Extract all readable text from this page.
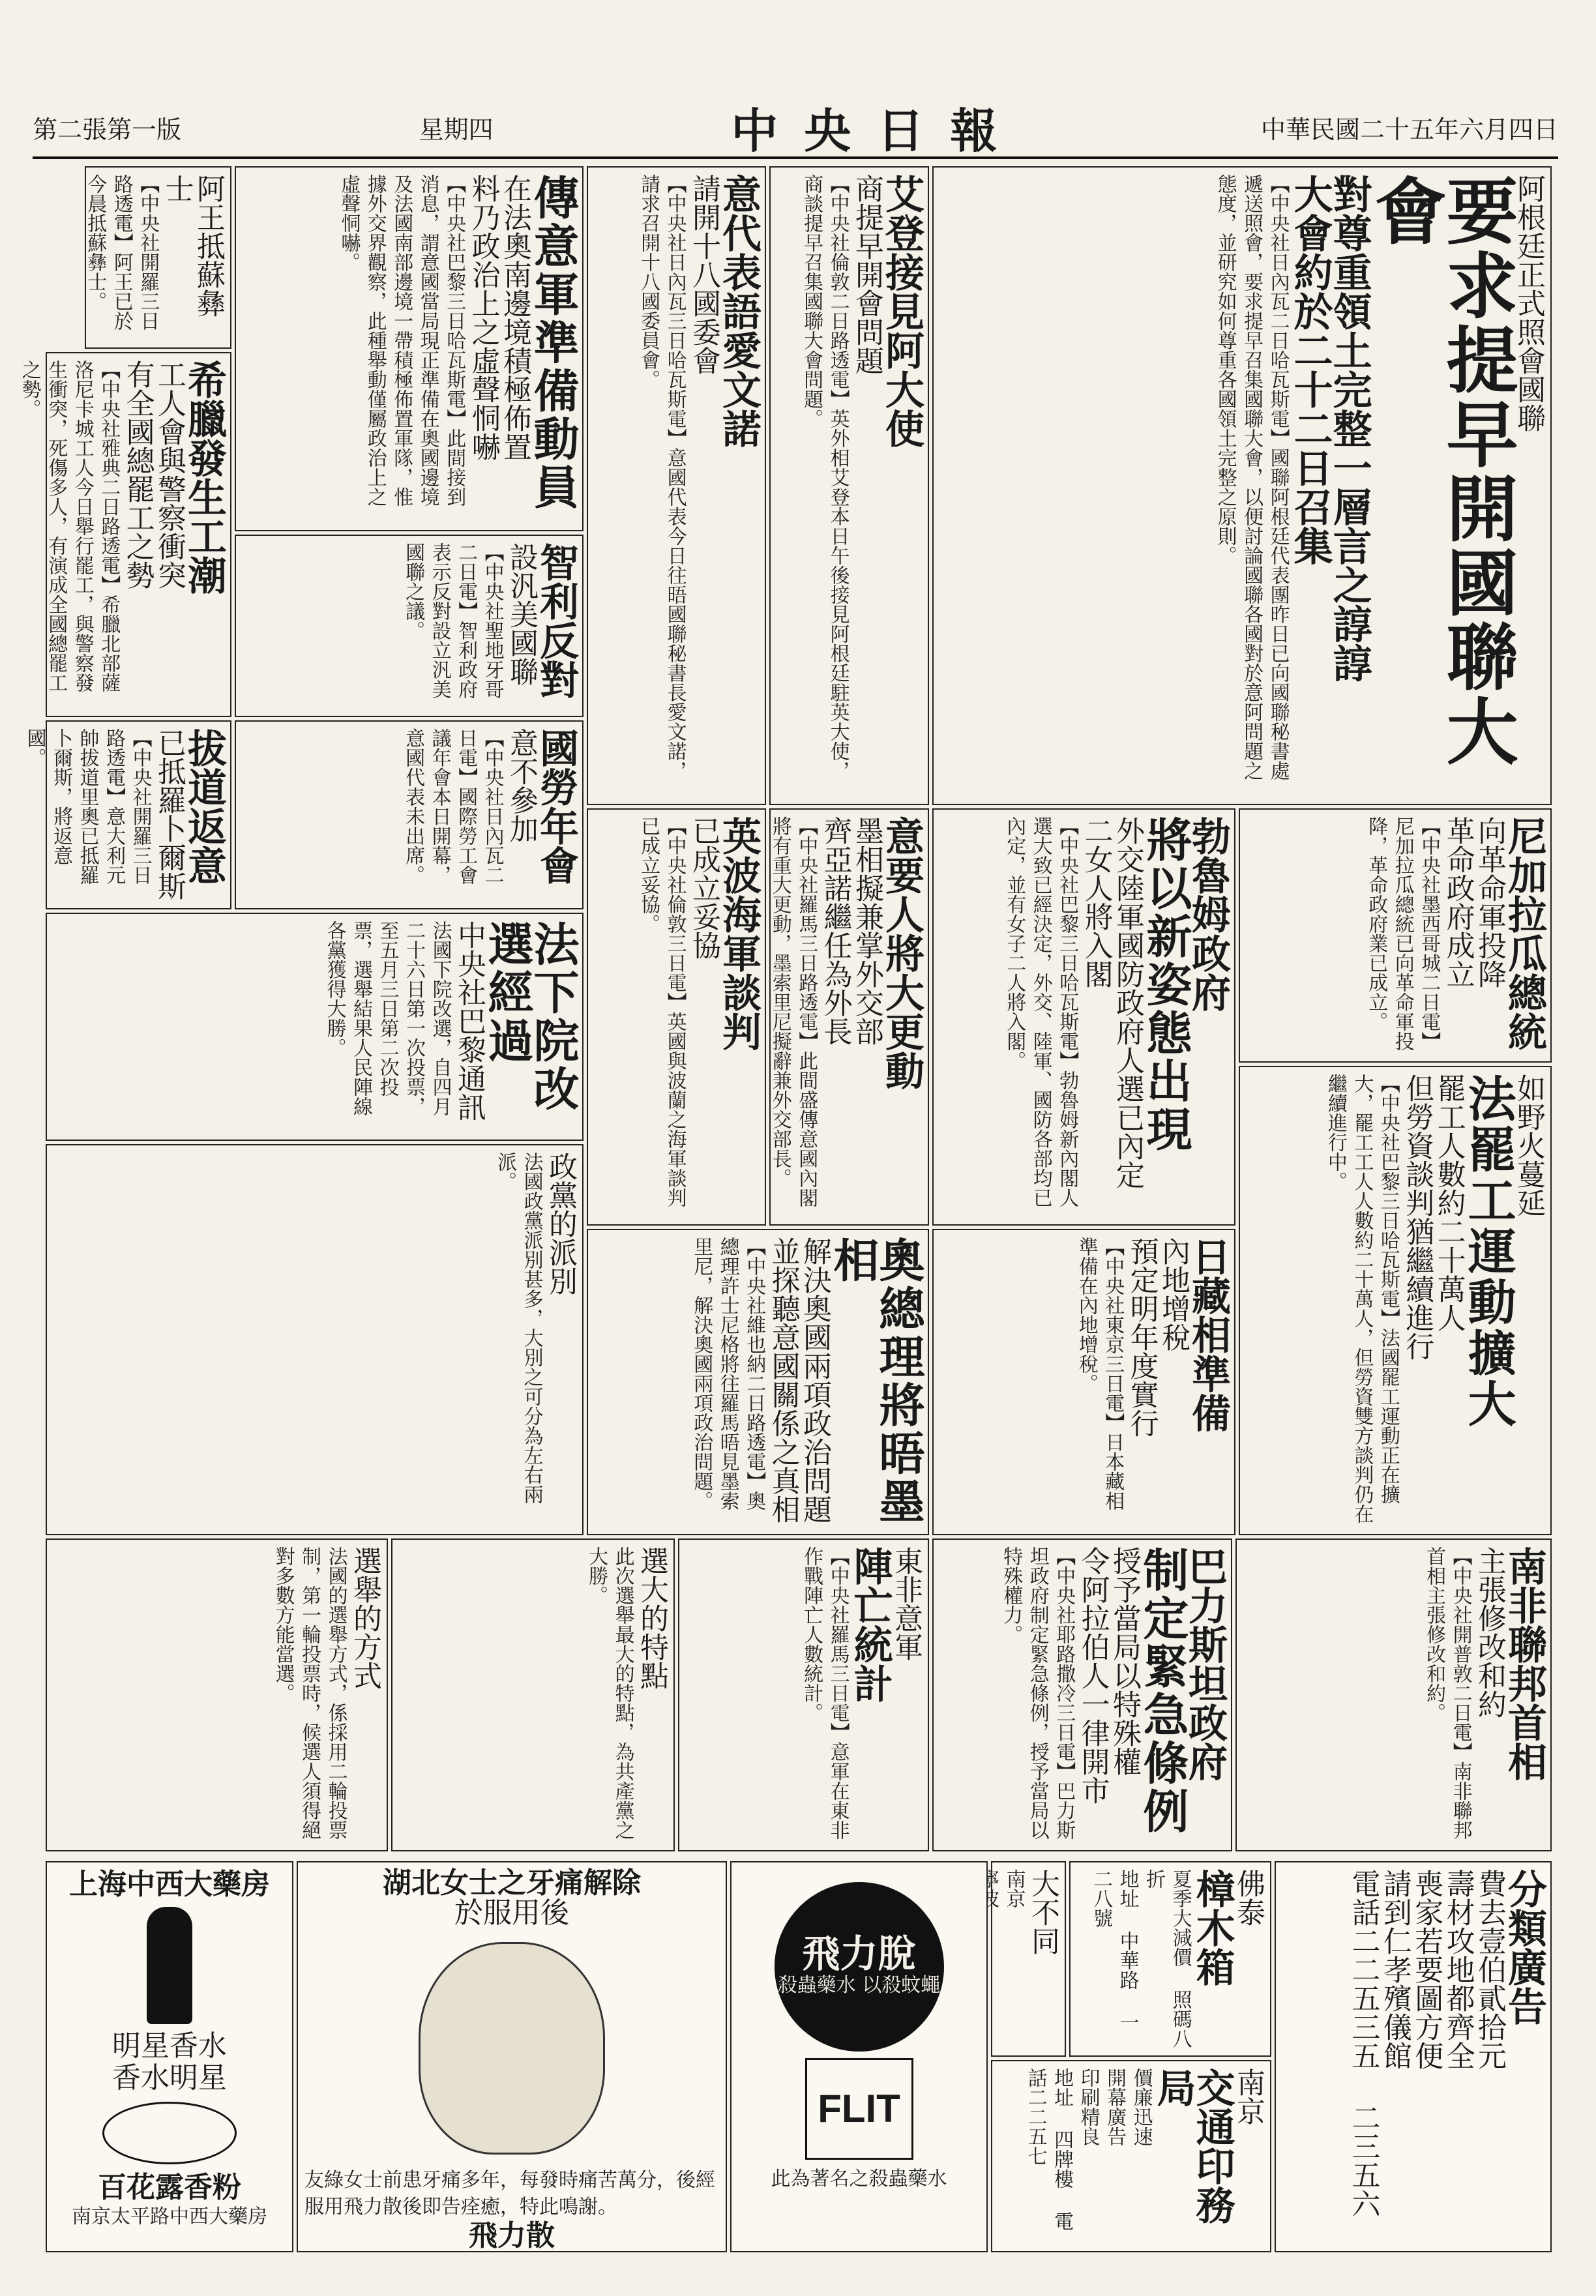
第二張第一版	星期四	中央日報	中華民國二十五年六月四日
阿根廷正式照會國聯
要求提早開國聯大會
對尊重領土完整一層言之諄諄
大會約於二十二日召集
【中央社日內瓦二日哈瓦斯電】國聯阿根廷代表團昨日已向國聯秘書處遞送照會，要求提早召集國聯大會，以便討論國聯各國對於意阿問題之態度，並研究如何尊重各國領土完整之原則。
艾登接見阿大使
商提早開會問題
【中央社倫敦二日路透電】英外相艾登本日午後接見阿根廷駐英大使，商談提早召集國聯大會問題。
意代表語愛文諾
請開十八國委會
【中央社日內瓦三日哈瓦斯電】意國代表今日往晤國聯秘書長愛文諾，請求召開十八國委員會。
傳意軍準備動員
在法奧南邊境積極佈置
料乃政治上之虛聲恫嚇
【中央社巴黎三日哈瓦斯電】此間接到消息，謂意國當局現正準備在奧國邊境及法國南部邊境一帶積極佈置軍隊，惟據外交界觀察，此種舉動僅屬政治上之虛聲恫嚇。
阿王抵蘇彝士
【中央社開羅三日路透電】阿王已於今晨抵蘇彝士。
希臘發生工潮
工人會與警察衝突
有全國總罷工之勢
【中央社雅典二日路透電】希臘北部薩洛尼卡城工人今日舉行罷工，與警察發生衝突，死傷多人，有演成全國總罷工之勢。
智利反對
設汎美國聯
【中央社聖地牙哥二日電】智利政府表示反對設立汎美國聯之議。
拔道返意
已抵羅卜爾斯
【中央社開羅三日路透電】意大利元帥拔道里奧已抵羅卜爾斯，將返意國。	國勞年會
意不參加
【中央社日內瓦二日電】國際勞工會議年會本日開幕，意國代表未出席。
尼加拉瓜總統
向革命軍投降
革命政府成立
【中央社墨西哥城二日電】尼加拉瓜總統已向革命軍投降，革命政府業已成立。
勃魯姆政府
將以新姿態出現
外交陸軍國防政府人選已內定
二女人將入閣
【中央社巴黎三日哈瓦斯電】勃魯姆新內閣人選大致已經決定，外交、陸軍、國防各部均已內定，並有女子二人將入閣。
意要人將大更動
墨相擬兼掌外交部
齊亞諾繼任為外長
【中央社羅馬三日路透電】此間盛傳意國內閣將有重大更動，墨索里尼擬辭兼外交部長。
英波海軍談判
已成立妥協
【中央社倫敦三日電】英國與波蘭之海軍談判已成立妥協。
法下院改選經過
中央社巴黎通訊
法國下院改選，自四月二十六日第一次投票，至五月三日第二次投票，選舉結果人民陣線各黨獲得大勝。
如野火蔓延
法罷工運動擴大
罷工人數約二十萬人
但勞資談判猶繼續進行
【中央社巴黎三日哈瓦斯電】法國罷工運動正在擴大，罷工工人人數約二十萬人，但勞資雙方談判仍在繼續進行中。
日藏相準備
內地增稅
預定明年度實行
【中央社東京三日電】日本藏相準備在內地增稅。
奧總理將晤墨相
解決奧國兩項政治問題
並探聽意國關係之真相
【中央社維也納二日路透電】奧總理許士尼格將往羅馬晤見墨索里尼，解決奧國兩項政治問題。
政黨的派別
法國政黨派別甚多，大別之可分為左右兩派。
巴力斯坦政府
制定緊急條例
授予當局以特殊權
令阿拉伯人一律開市
【中央社耶路撒冷三日電】巴力斯坦政府制定緊急條例，授予當局以特殊權力。	南非聯邦首相
主張修改和約
【中央社開普敦二日電】南非聯邦首相主張修改和約。
東非意軍
陣亡統計
【中央社羅馬三日電】意軍在東非作戰陣亡人數統計。
選大的特點
此次選舉最大的特點，為共產黨之大勝。
選舉的方式
法國的選舉方式，係採用二輪投票制，第一輪投票時，候選人須得絕對多數方能當選。
分類廣告
費去壹伯貳拾元
壽材攻地都齊全
喪家若要圖方便
請到仁孝殯儀館
電話二二五三五 二三五六
佛泰
樟木箱
夏季大減價 照碼八折
地址 中華路 一二八號
大不同
南京
南京
交通印務局
價廉迅速
開幕廣告
印刷精良
地址 四牌樓 電話二二五七
飛力脫
殺蟲藥水 以殺蚊蠅
FLIT
此為著名之殺蟲藥水
湖北女士之牙痛解除
於服用後
友綠女士前患牙痛多年，每發時痛苦萬分，後經服用飛力散後即告痊癒，特此鳴謝。
飛力散
上海中西大藥房
明星香水
香水明星
百花露香粉
南京太平路中西大藥房
